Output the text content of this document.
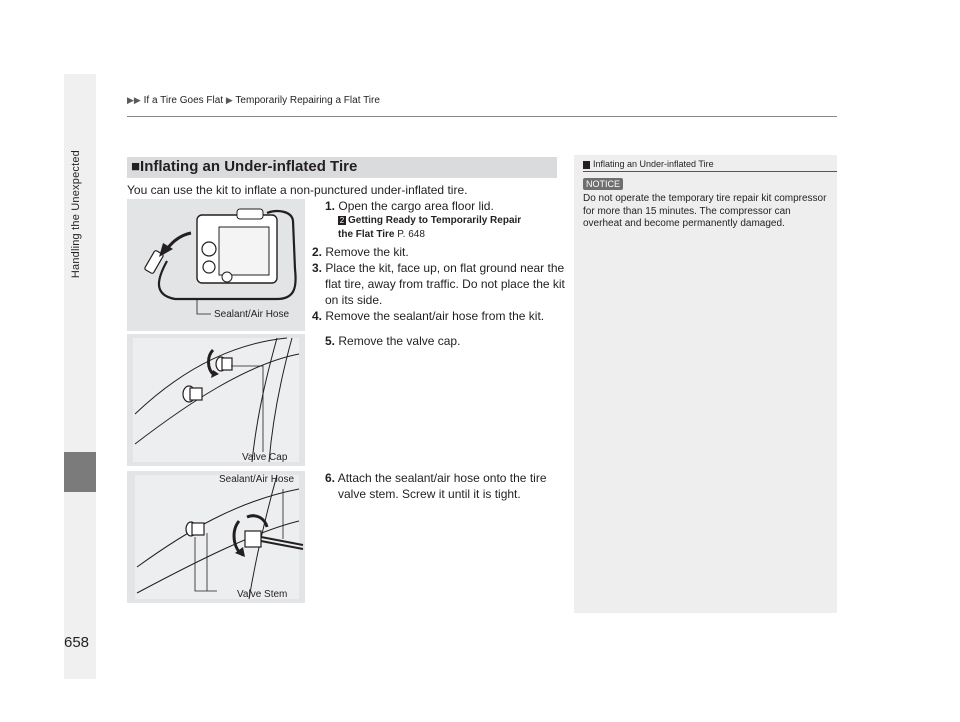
Handling the Unexpected
658
▶▶ If a Tire Goes Flat ▶ Temporarily Repairing a Flat Tire
■Inflating an Under-inflated Tire
You can use the kit to inflate a non-punctured under-inflated tire.
Sealant/Air Hose
Valve Cap
Sealant/Air Hose
Valve Stem
1. Open the cargo area floor lid.
2 Getting Ready to Temporarily Repair
the Flat Tire P. 648
2. Remove the kit.
3. Place the kit, face up, on flat ground near the flat tire, away from traffic. Do not place the kit on its side.
4. Remove the sealant/air hose from the kit.
5. Remove the valve cap.
6. Attach the sealant/air hose onto the tire valve stem. Screw it until it is tight.
Inflating an Under-inflated Tire
NOTICE
Do not operate the temporary tire repair kit compressor for more than 15 minutes. The compressor can overheat and become permanently damaged.
